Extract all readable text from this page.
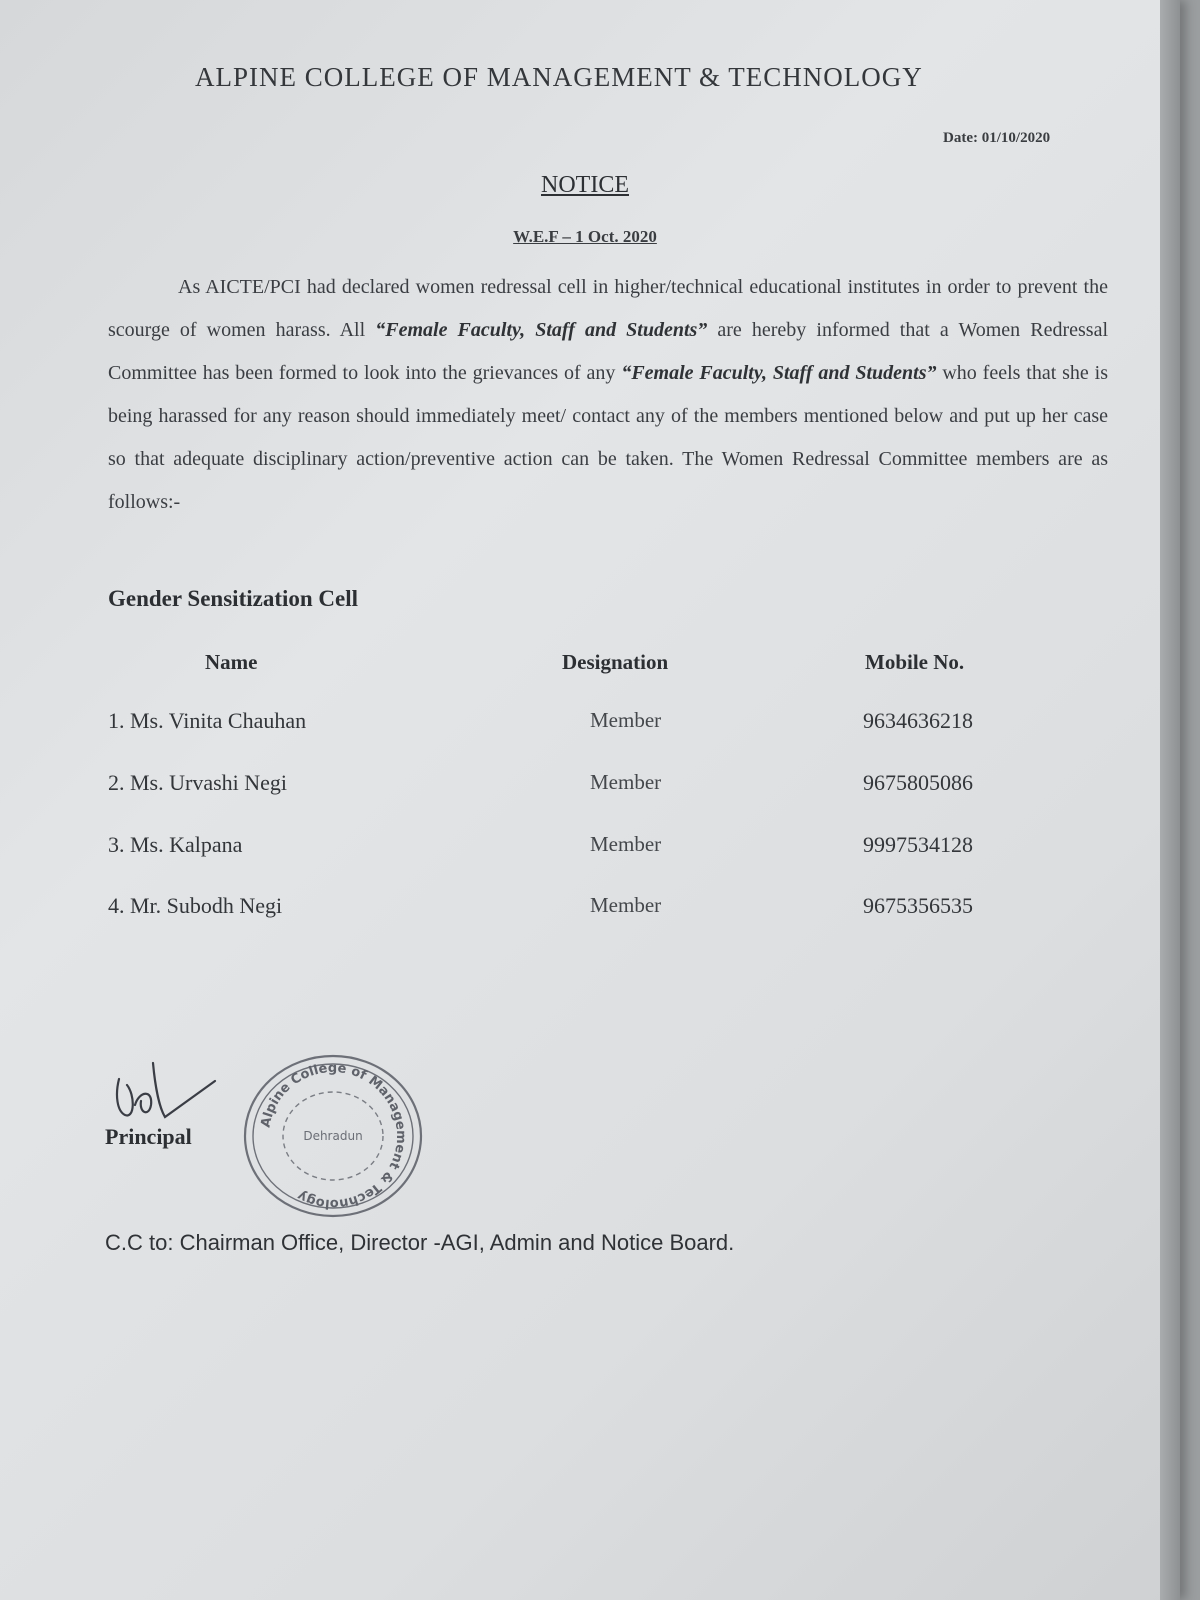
ALPINE COLLEGE OF MANAGEMENT & TECHNOLOGY
Date: 01/10/2020
NOTICE
W.E.F – 1 Oct. 2020
As AICTE/PCI had declared women redressal cell in higher/technical educational institutes in order to prevent the scourge of women harass. All “Female Faculty, Staff and Students” are hereby informed that a Women Redressal Committee has been formed to look into the grievances of any “Female Faculty, Staff and Students” who feels that she is being harassed for any reason should immediately meet/ contact any of the members mentioned below and put up her case so that adequate disciplinary action/preventive action can be taken. The Women Redressal Committee members are as follows:-
Gender Sensitization Cell
Name	Designation	Mobile No.
1. Ms. Vinita Chauhan	Member	9634636218
2. Ms. Urvashi Negi	Member	9675805086
3. Ms. Kalpana	Member	9997534128
4. Mr. Subodh Negi	Member	9675356535
Principal
Alpine College of Management & Technology
Dehradun
C.C to: Chairman Office, Director -AGI, Admin and Notice Board.
